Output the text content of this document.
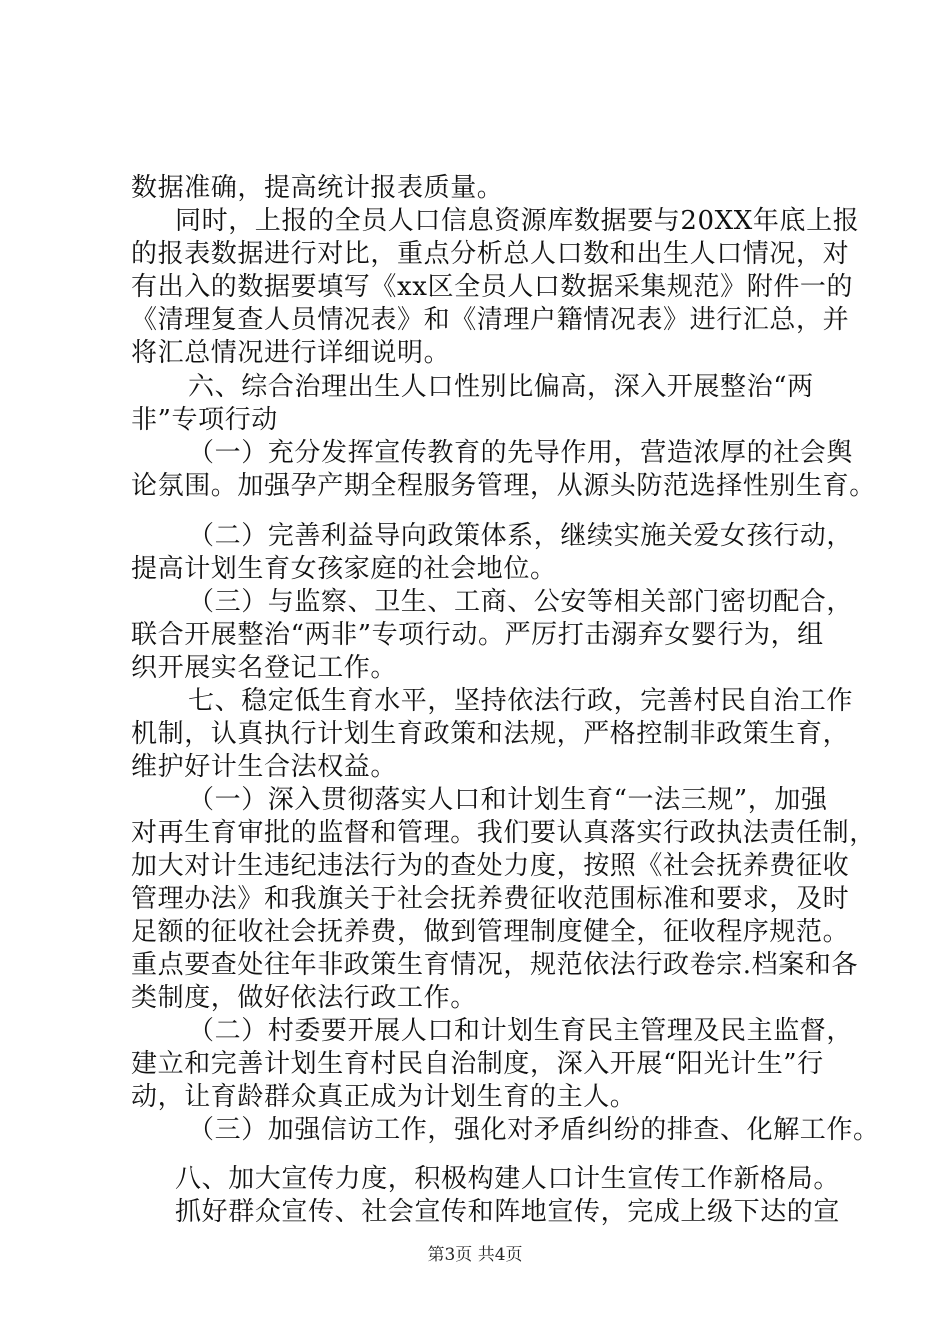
数据准确，提高统计报表质量。
同时，上报的全员人口信息资源库数据要与20XX年底上报
的报表数据进行对比，重点分析总人口数和出生人口情况，对
有出入的数据要填写《xx区全员人口数据采集规范》附件一的
《清理复查人员情况表》和《清理户籍情况表》进行汇总，并
将汇总情况进行详细说明。
六、综合治理出生人口性别比偏高，深入开展整治“两
非”专项行动
（一）充分发挥宣传教育的先导作用，营造浓厚的社会舆
论氛围。加强孕产期全程服务管理，从源头防范选择性别生育。
（二）完善利益导向政策体系，继续实施关爱女孩行动，
提高计划生育女孩家庭的社会地位。
（三）与监察、卫生、工商、公安等相关部门密切配合，
联合开展整治“两非”专项行动。严厉打击溺弃女婴行为，组
织开展实名登记工作。
七、稳定低生育水平，坚持依法行政，完善村民自治工作
机制，认真执行计划生育政策和法规，严格控制非政策生育，
维护好计生合法权益。
（一）深入贯彻落实人口和计划生育“一法三规”，加强
对再生育审批的监督和管理。我们要认真落实行政执法责任制，
加大对计生违纪违法行为的查处力度，按照《社会抚养费征收
管理办法》和我旗关于社会抚养费征收范围标准和要求，及时
足额的征收社会抚养费，做到管理制度健全，征收程序规范。
重点要查处往年非政策生育情况，规范依法行政卷宗.档案和各
类制度，做好依法行政工作。
（二）村委要开展人口和计划生育民主管理及民主监督，
建立和完善计划生育村民自治制度，深入开展“阳光计生”行
动，让育龄群众真正成为计划生育的主人。
（三）加强信访工作，强化对矛盾纠纷的排查、化解工作。
八、加大宣传力度，积极构建人口计生宣传工作新格局。
抓好群众宣传、社会宣传和阵地宣传，完成上级下达的宣
第3页 共4页
